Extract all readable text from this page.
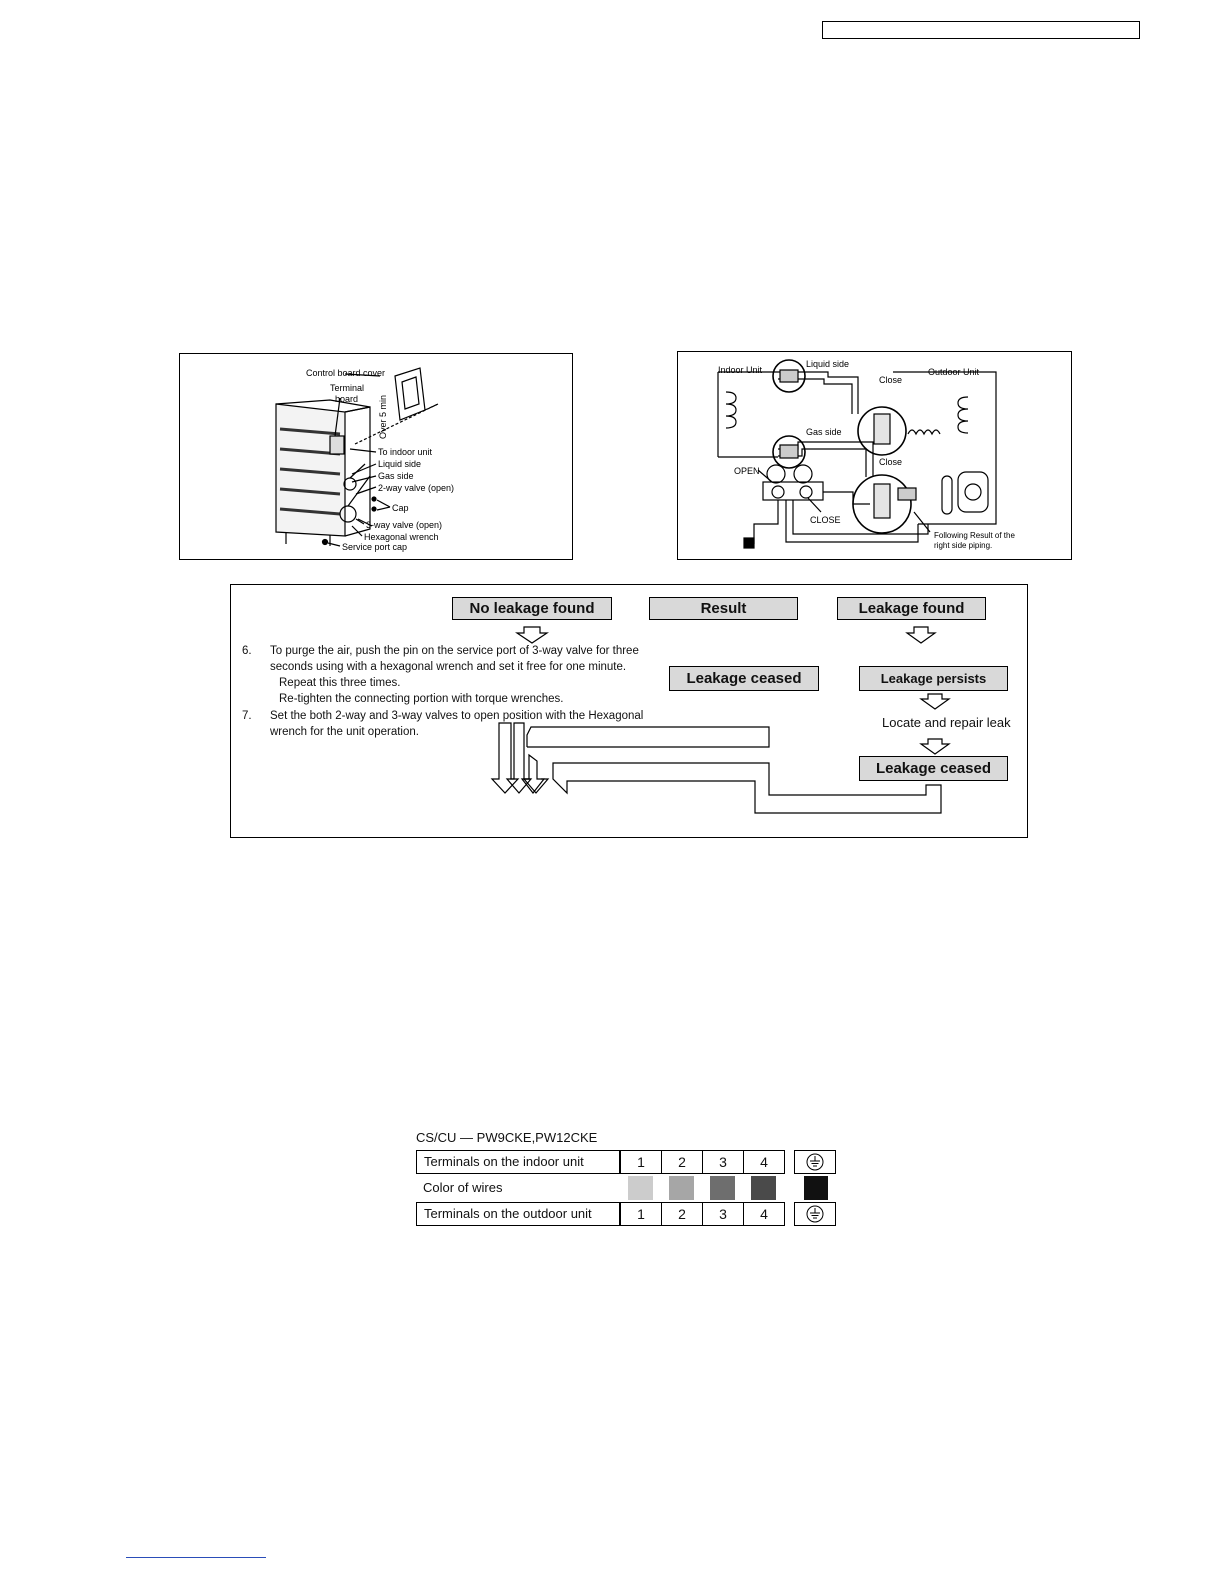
Control board cover
Terminal
board Over 5 min
To indoor unit
Liquid side
Gas side
2-way valve (open)
Cap
3-way valve (open)
Hexagonal wrench
Service port cap
Indoor Unit	Outdoor Unit
Liquid side
Gas side
Close
Close
OPEN
CLOSE
Following Result of the
right side piping.
No leakage found	Result	Leakage found
Leakage ceased	Leakage persists
Locate and repair leak
Leakage ceased
6. To purge the air, push the pin on the service port of 3-way valve for three
seconds using with a hexagonal wrench and set it free for one minute.
Repeat this three times.
Re-tighten the connecting portion with torque wrenches.
7. Set the both 2-way and 3-way valves to open position with the Hexagonal
wrench for the unit operation.
CS/CU — PW9CKE,PW12CKE
Terminals on the indoor unit	1	2	3	4
Color of wires
Terminals on the outdoor unit	1	2	3	4
